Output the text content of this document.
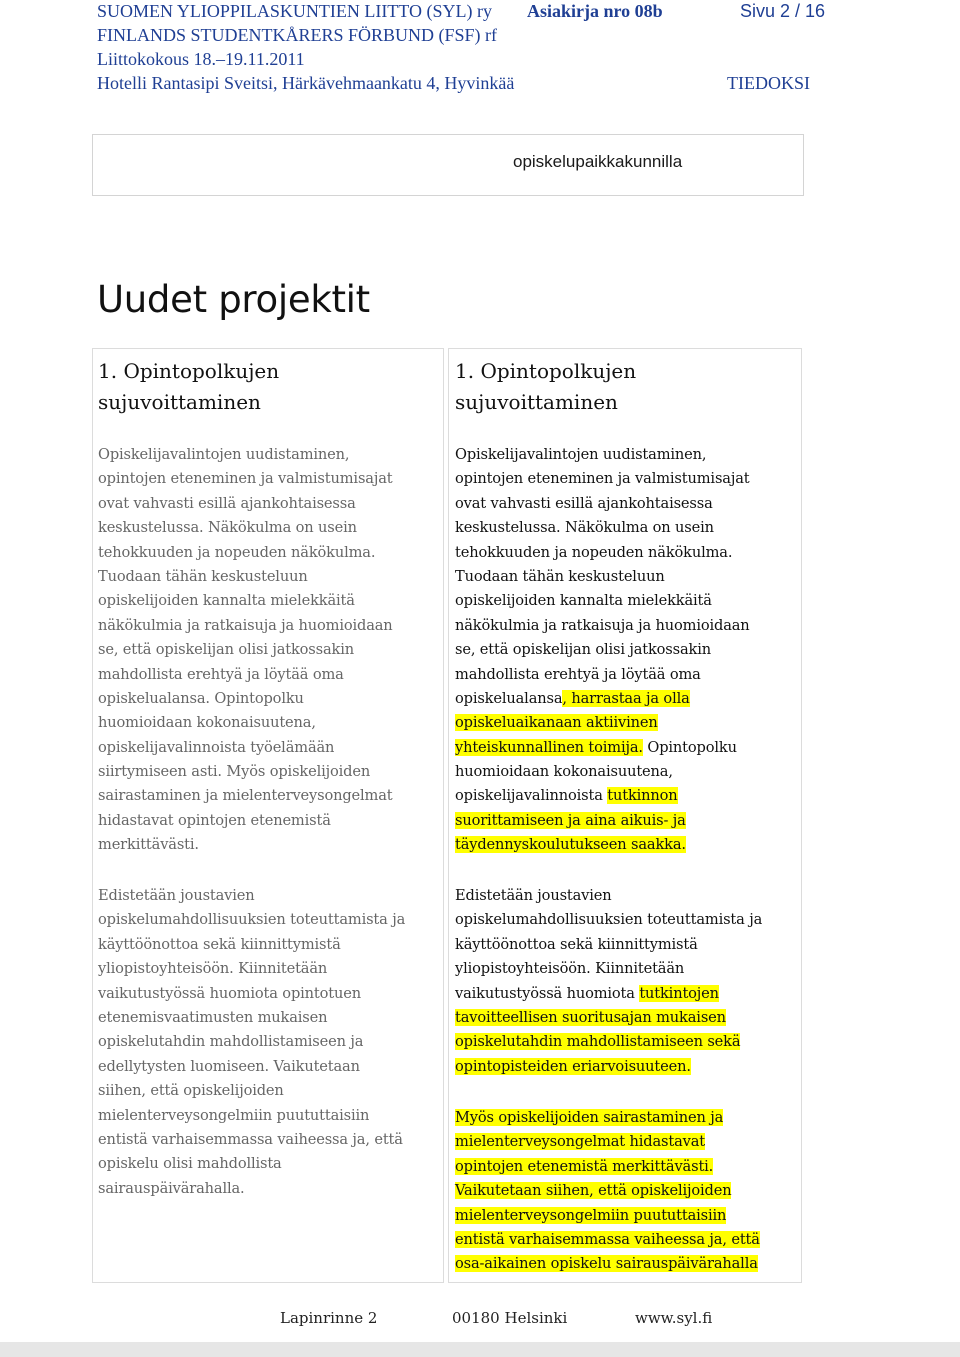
SUOMEN YLIOPPILASKUNTIEN LIITTO (SYL) ry Asiakirja nro 08b	Sivu 2 / 16
FINLANDS STUDENTKÅRERS FÖRBUND (FSF) rf
Liittokokous 18.–19.11.2011
Hotelli Rantasipi Sveitsi, Härkävehmaankatu 4, Hyvinkää	TIEDOKSI
opiskelupaikkakunnilla
Uudet projektit
1. Opintopolkujen
sujuvoittaminen
Opiskelijavalintojen uudistaminen,
opintojen eteneminen ja valmistumisajat
ovat vahvasti esillä ajankohtaisessa
keskustelussa. Näkökulma on usein
tehokkuuden ja nopeuden näkökulma.
Tuodaan tähän keskusteluun
opiskelijoiden kannalta mielekkäitä
näkökulmia ja ratkaisuja ja huomioidaan
se, että opiskelijan olisi jatkossakin
mahdollista erehtyä ja löytää oma
opiskelualansa. Opintopolku
huomioidaan kokonaisuutena,
opiskelijavalinnoista työelämään
siirtymiseen asti. Myös opiskelijoiden
sairastaminen ja mielenterveysongelmat
hidastavat opintojen etenemistä
merkittävästi.
Edistetään joustavien
opiskelumahdollisuuksien toteuttamista ja
käyttöönottoa sekä kiinnittymistä
yliopistoyhteisöön. Kiinnitetään
vaikutustyössä huomiota opintotuen
etenemisvaatimusten mukaisen
opiskelutahdin mahdollistamiseen ja
edellytysten luomiseen. Vaikutetaan
siihen, että opiskelijoiden
mielenterveysongelmiin puututtaisiin
entistä varhaisemmassa vaiheessa ja, että
opiskelu olisi mahdollista
sairauspäivärahalla.
1. Opintopolkujen
sujuvoittaminen
Opiskelijavalintojen uudistaminen,
opintojen eteneminen ja valmistumisajat
ovat vahvasti esillä ajankohtaisessa
keskustelussa. Näkökulma on usein
tehokkuuden ja nopeuden näkökulma.
Tuodaan tähän keskusteluun
opiskelijoiden kannalta mielekkäitä
näkökulmia ja ratkaisuja ja huomioidaan
se, että opiskelijan olisi jatkossakin
mahdollista erehtyä ja löytää oma
opiskelualansa, harrastaa ja olla
opiskeluaikanaan aktiivinen
yhteiskunnallinen toimija. Opintopolku
huomioidaan kokonaisuutena,
opiskelijavalinnoista tutkinnon
suorittamiseen ja aina aikuis- ja
täydennyskoulutukseen saakka.
Edistetään joustavien
opiskelumahdollisuuksien toteuttamista ja
käyttöönottoa sekä kiinnittymistä
yliopistoyhteisöön. Kiinnitetään
vaikutustyössä huomiota tutkintojen
tavoitteellisen suoritusajan mukaisen
opiskelutahdin mahdollistamiseen sekä
opintopisteiden eriarvoisuuteen.
Myös opiskelijoiden sairastaminen ja
mielenterveysongelmat hidastavat
opintojen etenemistä merkittävästi.
Vaikutetaan siihen, että opiskelijoiden
mielenterveysongelmiin puututtaisiin
entistä varhaisemmassa vaiheessa ja, että
osa-aikainen opiskelu sairauspäivärahalla
Lapinrinne 2	00180 Helsinki	www.syl.fi
